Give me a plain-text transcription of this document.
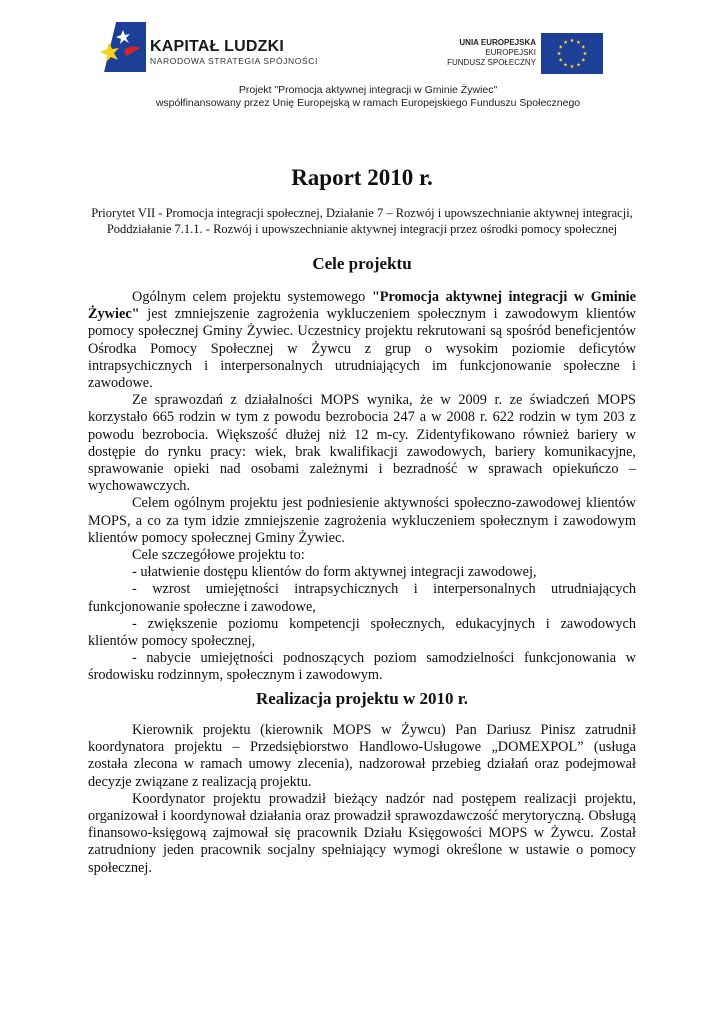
KAPITAŁ LUDZKI
NARODOWA STRATEGIA SPÓJNOŚCI
UNIA EUROPEJSKA
EUROPEJSKI
FUNDUSZ SPOŁECZNY
Projekt "Promocja aktywnej integracji w Gminie Żywiec"
współfinansowany przez Unię Europejską w ramach Europejskiego Funduszu Społecznego
Raport 2010 r.
Priorytet VII - Promocja integracji społecznej, Działanie 7 – Rozwój i upowszechnianie aktywnej integracji, Poddziałanie 7.1.1. - Rozwój i upowszechnianie aktywnej integracji przez ośrodki pomocy społecznej
Cele projektu

Ogólnym celem projektu systemowego "Promocja aktywnej integracji w Gminie Żywiec" jest zmniejszenie zagrożenia wykluczeniem społecznym i zawodowym klientów pomocy społecznej Gminy Żywiec. Uczestnicy projektu rekrutowani są spośród beneficjentów Ośrodka Pomocy Społecznej w Żywcu z grup o wysokim poziomie deficytów intrapsychicznych i interpersonalnych utrudniających im funkcjonowanie społeczne i zawodowe.

Ze sprawozdań z działalności MOPS wynika, że w 2009 r. ze świadczeń MOPS korzystało 665 rodzin w tym z powodu bezrobocia 247 a w 2008 r. 622 rodzin w tym 203 z powodu bezrobocia. Większość dłużej niż 12 m-cy. Zidentyfikowano również bariery w dostępie do rynku pracy: wiek, brak kwalifikacji zawodowych, bariery komunikacyjne, sprawowanie opieki nad osobami zależnymi i bezradność w sprawach opiekuńczo – wychowawczych.

Celem ogólnym projektu jest podniesienie aktywności społeczno-zawodowej klientów MOPS, a co za tym idzie zmniejszenie zagrożenia wykluczeniem społecznym i zawodowym klientów pomocy społecznej Gminy Żywiec.

Cele szczegółowe projektu to:

- ułatwienie dostępu klientów do form aktywnej integracji zawodowej,

- wzrost umiejętności intrapsychicznych i interpersonalnych utrudniających funkcjonowanie społeczne i zawodowe,

- zwiększenie poziomu kompetencji społecznych, edukacyjnych i zawodowych klientów pomocy społecznej,

- nabycie umiejętności podnoszących poziom samodzielności funkcjonowania w środowisku rodzinnym, społecznym i zawodowym.

Realizacja projektu w 2010 r.

Kierownik projektu (kierownik MOPS w Żywcu) Pan Dariusz Pinisz zatrudnił koordynatora projektu – Przedsiębiorstwo Handlowo-Usługowe „DOMEXPOL” (usługa została zlecona w ramach umowy zlecenia), nadzorował przebieg działań oraz podejmował decyzje związane z realizacją projektu.

Koordynator projektu prowadził bieżący nadzór nad postępem realizacji projektu, organizował i koordynował działania oraz prowadził sprawozdawczość merytoryczną. Obsługą finansowo-księgową zajmował się pracownik Działu Księgowości MOPS w Żywcu. Został zatrudniony jeden pracownik socjalny spełniający wymogi określone w ustawie o pomocy społecznej.
